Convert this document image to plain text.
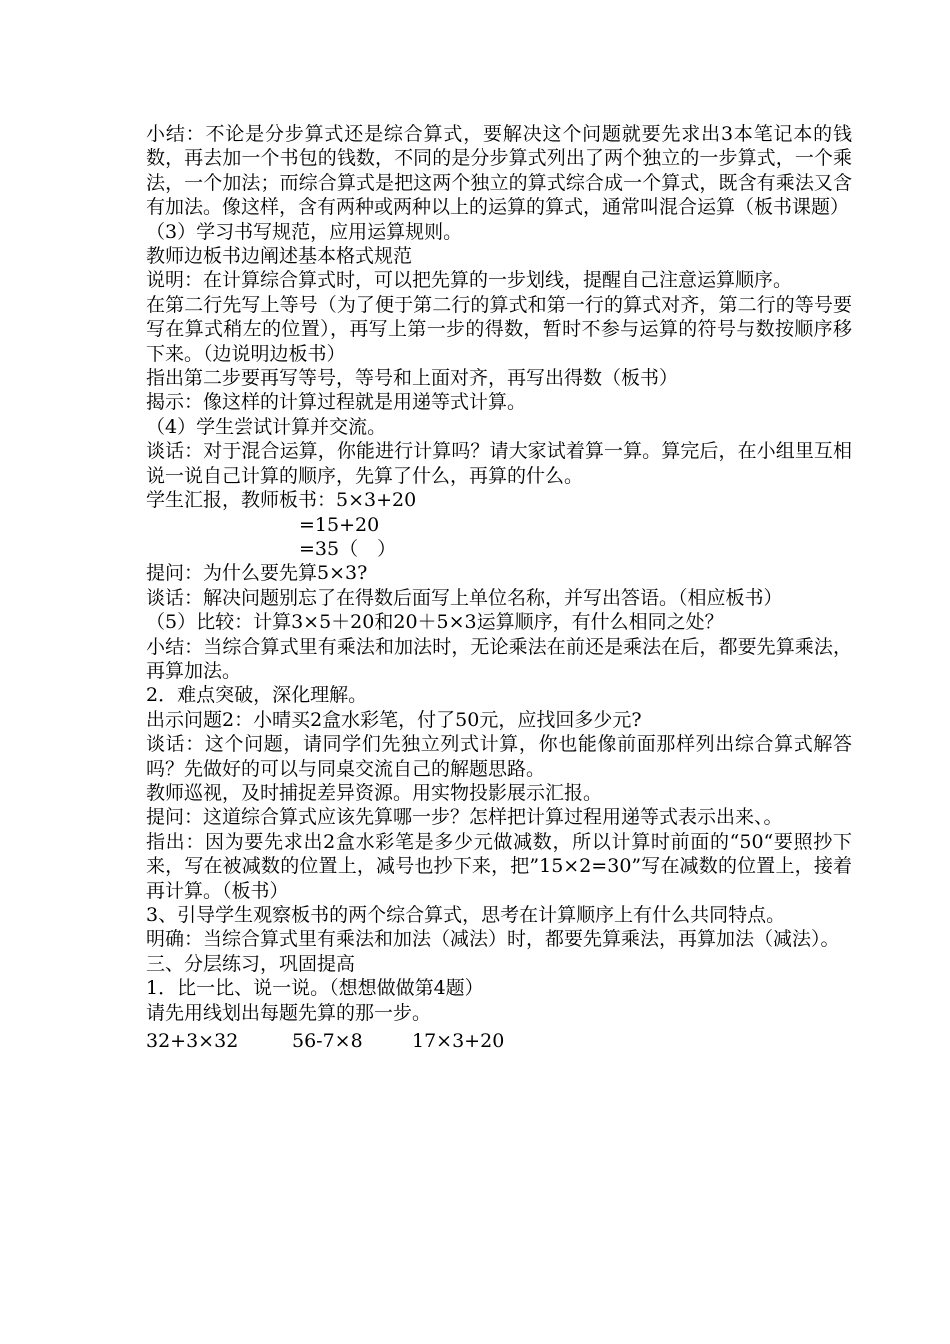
小结：不论是分步算式还是综合算式，要解决这个问题就要先求出3本笔记本的钱数，再去加一个书包的钱数，不同的是分步算式列出了两个独立的一步算式，一个乘法，一个加法；而综合算式是把这两个独立的算式综合成一个算式，既含有乘法又含有加法。像这样，含有两种或两种以上的运算的算式，通常叫混合运算（板书课题）

（3）学习书写规范，应用运算规则。

教师边板书边阐述基本格式规范

说明：在计算综合算式时，可以把先算的一步划线，提醒自己注意运算顺序。

在第二行先写上等号（为了便于第二行的算式和第一行的算式对齐，第二行的等号要写在算式稍左的位置），再写上第一步的得数，暂时不参与运算的符号与数按顺序移下来。（边说明边板书）

指出第二步要再写等号，等号和上面对齐，再写出得数（板书）

揭示：像这样的计算过程就是用递等式计算。

（4）学生尝试计算并交流。

谈话：对于混合运算，你能进行计算吗？请大家试着算一算。算完后，在小组里互相说一说自己计算的顺序，先算了什么，再算的什么。

学生汇报，教师板书：5×3+20

=15+20

=35（　）

提问：为什么要先算5×3?

谈话：解决问题别忘了在得数后面写上单位名称，并写出答语。（相应板书）

（5）比较：计算3×5＋20和20＋5×3运算顺序，有什么相同之处？

小结：当综合算式里有乘法和加法时，无论乘法在前还是乘法在后，都要先算乘法，再算加法。

2．难点突破，深化理解。

出示问题2：小晴买2盒水彩笔，付了50元，应找回多少元?

谈话：这个问题，请同学们先独立列式计算，你也能像前面那样列出综合算式解答吗？先做好的可以与同桌交流自己的解题思路。

教师巡视，及时捕捉差异资源。用实物投影展示汇报。

提问：这道综合算式应该先算哪一步？怎样把计算过程用递等式表示出来、。

指出：因为要先求出2盒水彩笔是多少元做减数，所以计算时前面的“50“要照抄下来，写在被减数的位置上，减号也抄下来，把”15×2=30”写在减数的位置上，接着再计算。（板书）

3、引导学生观察板书的两个综合算式，思考在计算顺序上有什么共同特点。

明确：当综合算式里有乘法和加法（减法）时，都要先算乘法，再算加法（减法）。

三、分层练习，巩固提高

1．比一比、说一说。（想想做做第4题）

请先用线划出每题先算的那一步。

32+3×32	56-7×8	17×3+20
